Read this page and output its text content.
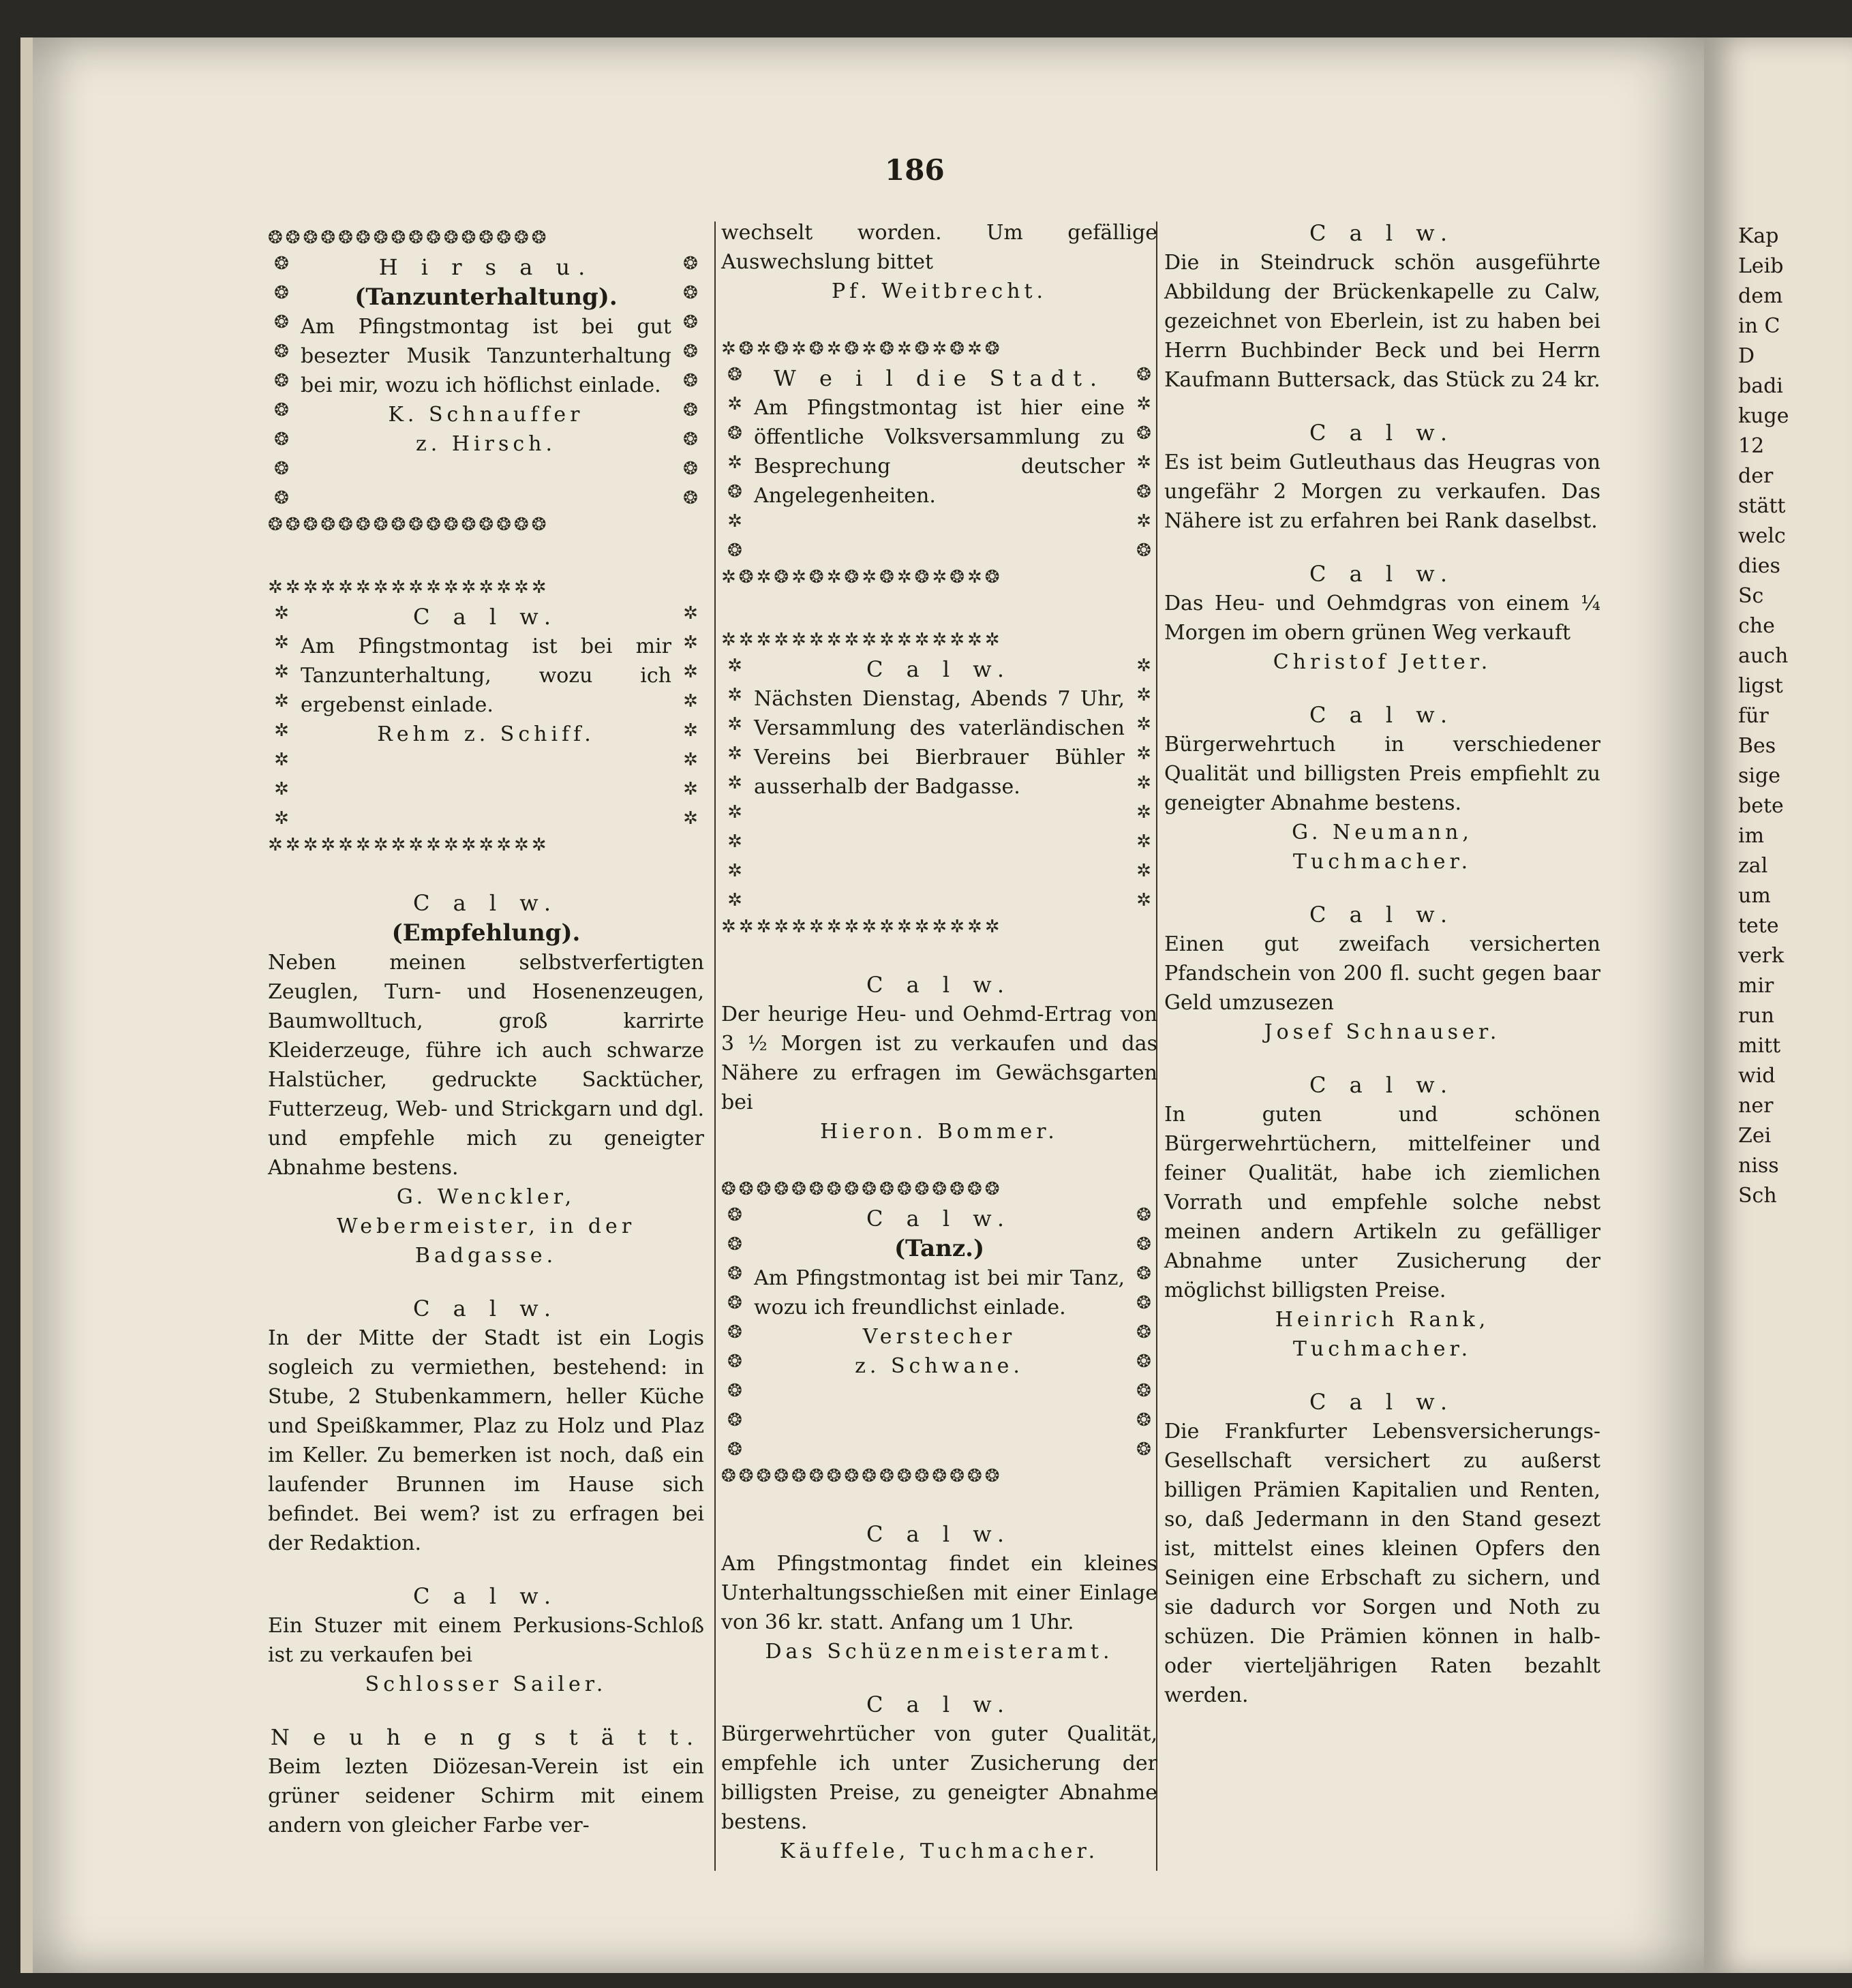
186
❂❂❂❂❂❂❂❂❂❂❂❂❂❂❂❂
❂
❂
❂
❂
❂
❂
❂
❂
❂
H i r s a u.
(Tanzunterhaltung).
Am Pfingstmontag ist bei gut besezter Musik Tanzunterhaltung bei mir, wozu ich höflichst einlade.
K. Schnauffer
z. Hirsch.
❂
❂
❂
❂
❂
❂
❂
❂
❂
❂❂❂❂❂❂❂❂❂❂❂❂❂❂❂❂
✲✲✲✲✲✲✲✲✲✲✲✲✲✲✲✲
✲
✲
✲
✲
✲
✲
✲
✲
C a l w.
Am Pfingstmontag ist bei mir Tanzunterhaltung, wozu ich ergebenst einlade.
Rehm z. Schiff.
✲
✲
✲
✲
✲
✲
✲
✲
✲✲✲✲✲✲✲✲✲✲✲✲✲✲✲✲
C a l w.
(Empfehlung).
Neben meinen selbstverfertigten Zeuglen, Turn- und Hosenenzeugen, Baumwolltuch, groß karrirte Kleiderzeuge, führe ich auch schwarze Halstücher, gedruckte Sacktücher, Futterzeug, Web- und Strickgarn und dgl. und empfehle mich zu geneigter Abnahme bestens.
G. Wenckler,
Webermeister, in der Badgasse.
C a l w.
In der Mitte der Stadt ist ein Logis sogleich zu vermiethen, bestehend: in Stube, 2 Stubenkammern, heller Küche und Speißkammer, Plaz zu Holz und Plaz im Keller. Zu bemerken ist noch, daß ein laufender Brunnen im Hause sich befindet. Bei wem? ist zu erfragen bei der Redaktion.
C a l w.
Ein Stuzer mit einem Perkusions-Schloß ist zu verkaufen bei
Schlosser Sailer.
N e u h e n g s t ä t t.
Beim lezten Diözesan-Verein ist ein grüner seidener Schirm mit einem andern von gleicher Farbe ver-
wechselt worden. Um gefällige Auswechslung bittet
Pf. Weitbrecht.
✲❂✲❂✲❂✲❂✲❂✲❂✲❂✲❂
❂
✲
❂
✲
❂
✲
❂
W e i l die Stadt.
Am Pfingstmontag ist hier eine öffentliche Volksversammlung zu Besprechung deutscher Angelegenheiten.
❂
✲
❂
✲
❂
✲
❂
✲❂✲❂✲❂✲❂✲❂✲❂✲❂✲❂
✲✲✲✲✲✲✲✲✲✲✲✲✲✲✲✲
✲
✲
✲
✲
✲
✲
✲
✲
✲
C a l w.
Nächsten Dienstag, Abends 7 Uhr, Versammlung des vaterländischen Vereins bei Bierbrauer Bühler ausserhalb der Badgasse.
✲
✲
✲
✲
✲
✲
✲
✲
✲
✲✲✲✲✲✲✲✲✲✲✲✲✲✲✲✲
C a l w.
Der heurige Heu- und Oehmd-Ertrag von 3 ½ Morgen ist zu verkaufen und das Nähere zu erfragen im Gewächsgarten bei
Hieron. Bommer.
❂❂❂❂❂❂❂❂❂❂❂❂❂❂❂❂
❂
❂
❂
❂
❂
❂
❂
❂
❂
C a l w.
(Tanz.)
Am Pfingstmontag ist bei mir Tanz, wozu ich freundlichst einlade.
Verstecher
z. Schwane.
❂
❂
❂
❂
❂
❂
❂
❂
❂
❂❂❂❂❂❂❂❂❂❂❂❂❂❂❂❂
C a l w.
Am Pfingstmontag findet ein kleines Unterhaltungsschießen mit einer Einlage von 36 kr. statt. Anfang um 1 Uhr.
Das Schüzenmeisteramt.
C a l w.
Bürgerwehrtücher von guter Qualität, empfehle ich unter Zusicherung der billigsten Preise, zu geneigter Abnahme bestens.
Käuffele, Tuchmacher.
C a l w.
Die in Steindruck schön ausgeführte Abbildung der Brückenkapelle zu Calw, gezeichnet von Eberlein, ist zu haben bei Herrn Buchbinder Beck und bei Herrn Kaufmann Buttersack, das Stück zu 24 kr.
C a l w.
Es ist beim Gutleuthaus das Heugras von ungefähr 2 Morgen zu verkaufen. Das Nähere ist zu erfahren bei Rank daselbst.
C a l w.
Das Heu- und Oehmdgras von einem ¼ Morgen im obern grünen Weg verkauft
Christof Jetter.
C a l w.
Bürgerwehrtuch in verschiedener Qualität und billigsten Preis empfiehlt zu geneigter Abnahme bestens.
G. Neumann,
Tuchmacher.
C a l w.
Einen gut zweifach versicherten Pfandschein von 200 fl. sucht gegen baar Geld umzusezen
Josef Schnauser.
C a l w.
In guten und schönen Bürgerwehrtüchern, mittelfeiner und feiner Qualität, habe ich ziemlichen Vorrath und empfehle solche nebst meinen andern Artikeln zu gefälliger Abnahme unter Zusicherung der möglichst billigsten Preise.
Heinrich Rank,
Tuchmacher.
C a l w.
Die Frankfurter Lebensversicherungs-Gesellschaft versichert zu außerst billigen Prämien Kapitalien und Renten, so, daß Jedermann in den Stand gesezt ist, mittelst eines kleinen Opfers den Seinigen eine Erbschaft zu sichern, und sie dadurch vor Sorgen und Noth zu schüzen. Die Prämien können in halb- oder vierteljährigen Raten bezahlt werden.
Kap
Leib
dem
in C
D
badi
kuge
12
der
stätt
welc
dies
Sc
che
auch
ligst
für
Bes
sige
bete
im
zal
um
tete
verk
mir
run
mitt
wid
ner
Zei
niss
Sch
